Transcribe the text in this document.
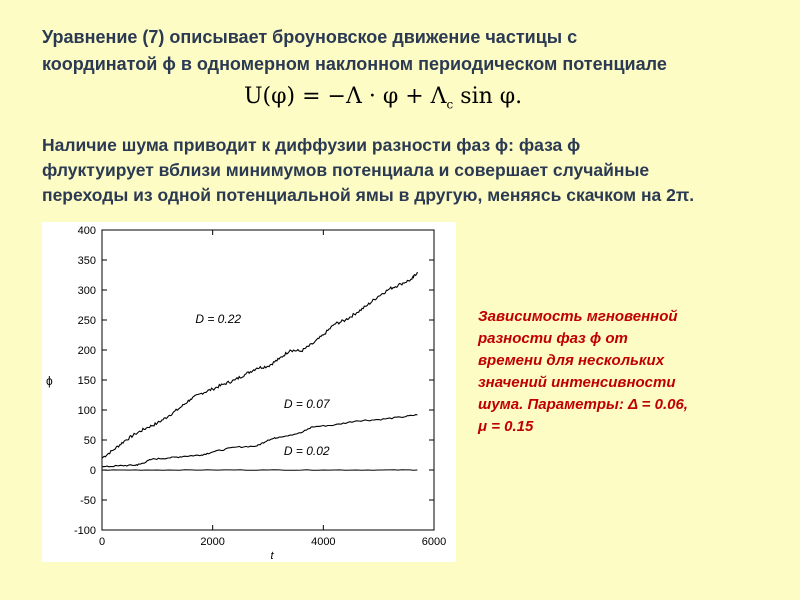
Уравнение (7) описывает броуновское движение частицы с
координатой ϕ в одномерном наклонном периодическом потенциале
$U(\varphi) = -\Lambda \cdot \varphi + \Lambda_c$ sin φ.
Наличие шума приводит к диффузии разности фаз ϕ: фаза ϕ
флуктуирует вблизи минимумов потенциала и совершает случайные
переходы из одной потенциальной ямы в другую, меняясь скачком на 2π.
-100
-50
0
50
100
150
200
250
300
350
400
0	2000	4000	6000
t
ϕ
D = 0.22
D = 0.07
D = 0.02
Зависимость мгновенной
разности фаз ϕ от
времени для нескольких
значений интенсивности
шума. Параметры: Δ = 0.06,
μ = 0.15
